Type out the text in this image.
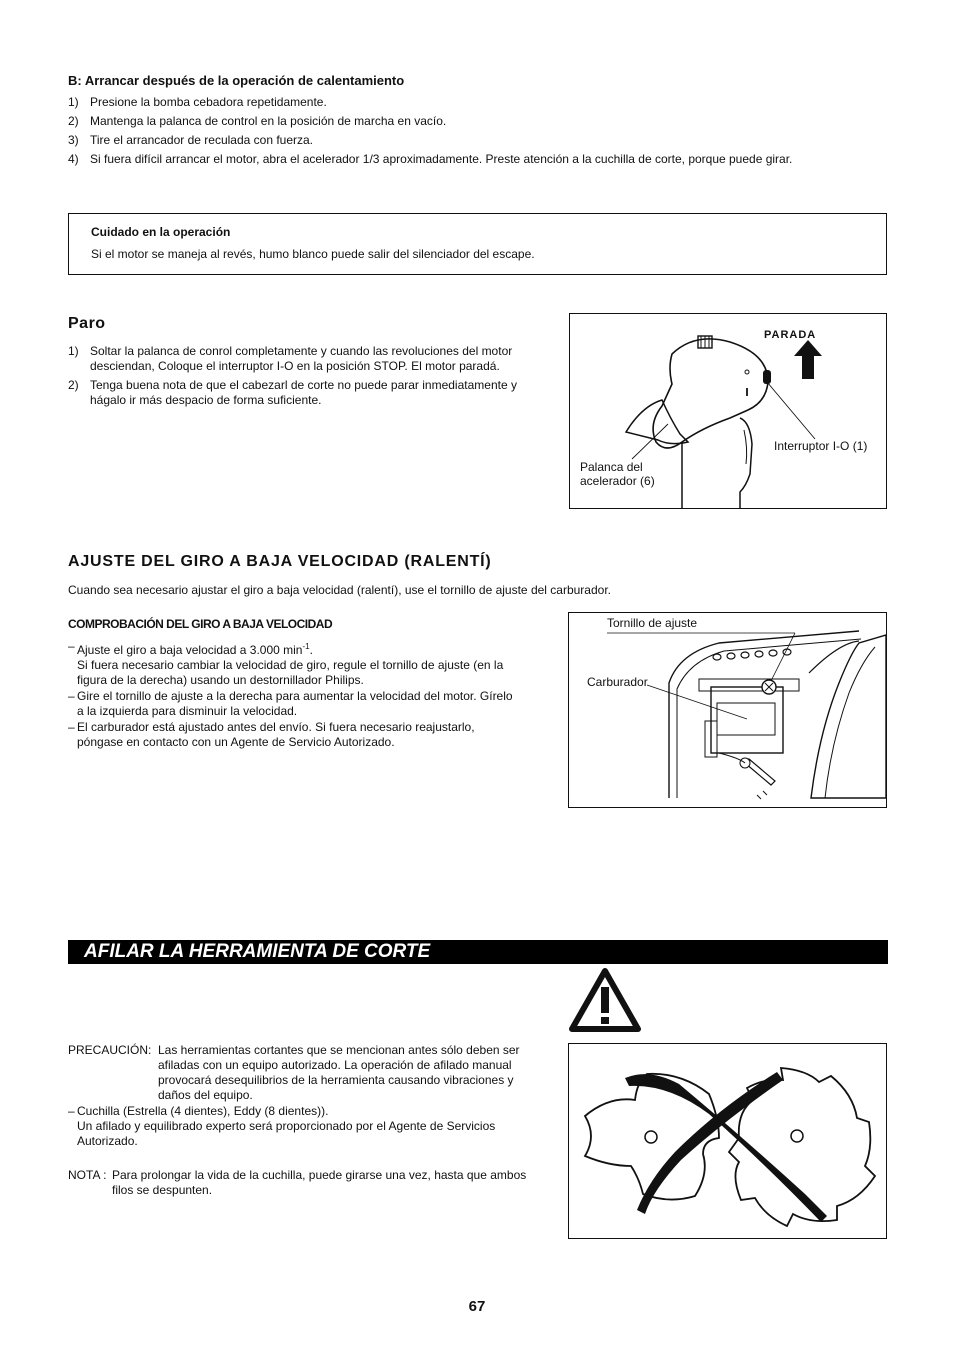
B: Arrancar después de la operación de calentamiento
1) Presione la bomba cebadora repetidamente.
2) Mantenga la palanca de control en la posición de marcha en vacío.
3) Tire el arrancador de reculada con fuerza.
4) Si fuera difícil arrancar el motor, abra el acelerador 1/3 aproximadamente. Preste atención a la cuchilla de corte, porque puede girar.
Cuidado en la operación
Si el motor se maneja al revés, humo blanco puede salir del silenciador del escape.
Paro
1) Soltar la palanca de conrol completamente y cuando las revoluciones del motor desciendan, Coloque el interruptor I-O en la posición STOP. El motor paradá.
2) Tenga buena nota de que el cabezarl de corte no puede parar inmediatamente y hágalo ir más despacio de forma suficiente.
PARADA
Interruptor I-O (1)
Palanca del
acelerador (6)
AJUSTE DEL GIRO A BAJA VELOCIDAD (RALENTÍ)
Cuando sea necesario ajustar el giro a baja velocidad (ralentí), use el tornillo de ajuste del carburador.
COMPROBACIÓN DEL GIRO A BAJA VELOCIDAD
– Ajuste el giro a baja velocidad a 3.000 $\min^{-1}$.
Si fuera necesario cambiar la velocidad de giro, regule el tornillo de ajuste (en la figura de la derecha) usando un destornillador Philips.
– Gire el tornillo de ajuste a la derecha para aumentar la velocidad del motor. Gírelo a la izquierda para disminuir la velocidad.
– El carburador está ajustado antes del envío. Si fuera necesario reajustarlo, póngase en contacto con un Agente de Servicio Autorizado.
Tornillo de ajuste
Carburador
AFILAR LA HERRAMIENTA DE CORTE
PRECAUCIÓN: Las herramientas cortantes que se mencionan antes sólo deben ser afiladas con un equipo autorizado. La operación de afilado manual provocará desequilibrios de la herramienta causando vibraciones y daños del equipo.
– Cuchilla (Estrella (4 dientes), Eddy (8 dientes)).
Un afilado y equilibrado experto será proporcionado por el Agente de Servicios Autorizado.
NOTA : Para prolongar la vida de la cuchilla, puede girarse una vez, hasta que ambos filos se despunten.
67
